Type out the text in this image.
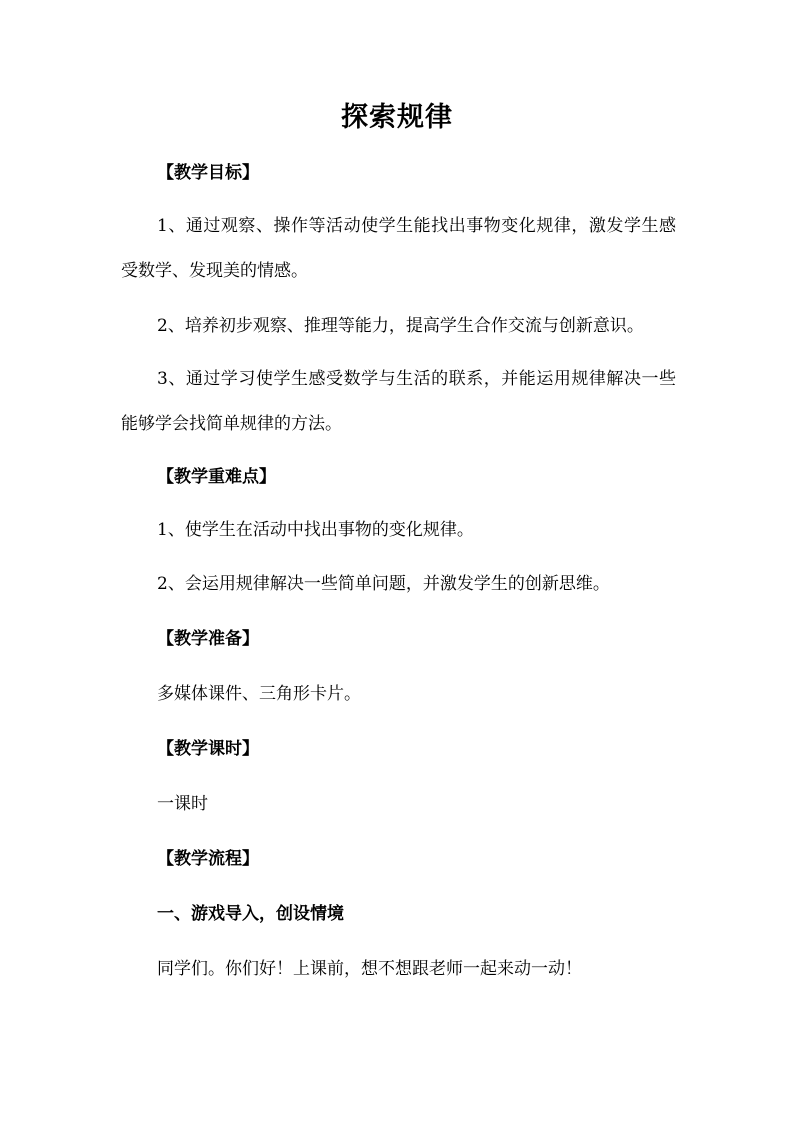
探索规律
【教学目标】
1、通过观察、操作等活动使学生能找出事物变化规律，激发学生感受数学、发现美的情感。
2、培养初步观察、推理等能力，提高学生合作交流与创新意识。
3、通过学习使学生感受数学与生活的联系，并能运用规律解决一些能够学会找简单规律的方法。
【教学重难点】
1、使学生在活动中找出事物的变化规律。
2、会运用规律解决一些简单问题，并激发学生的创新思维。
【教学准备】
多媒体课件、三角形卡片。
【教学课时】
一课时
【教学流程】
一、游戏导入，创设情境
同学们。你们好！上课前，想不想跟老师一起来动一动！
